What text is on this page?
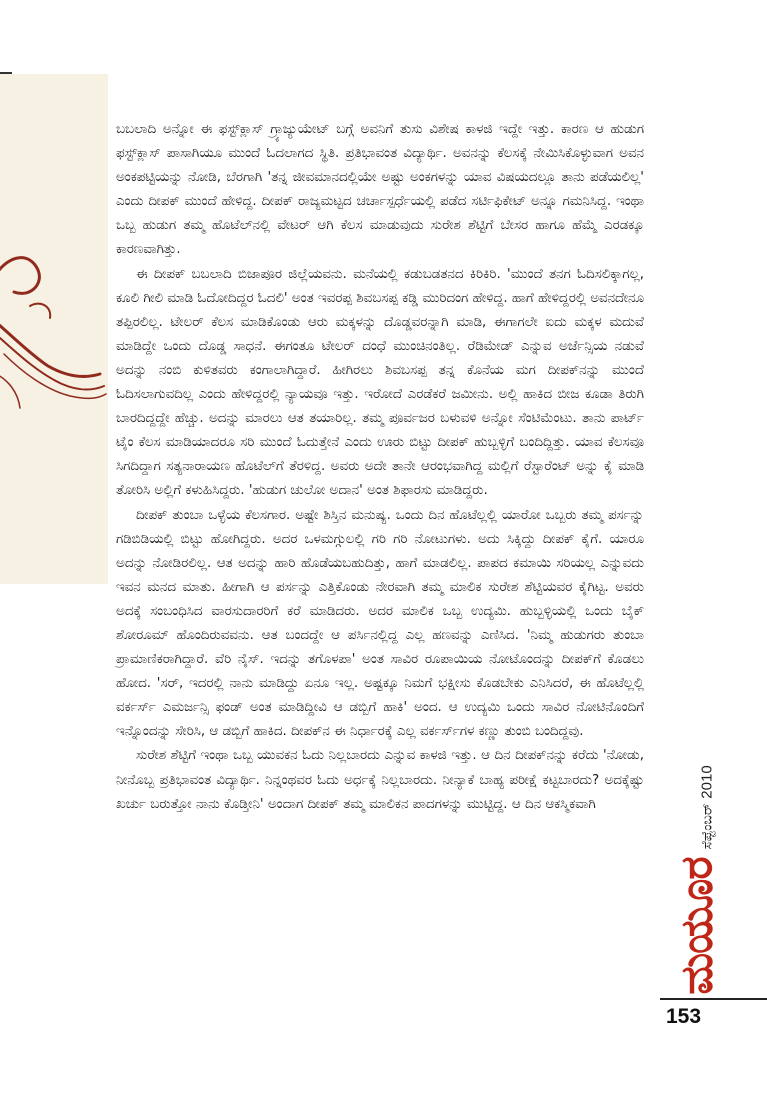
ಬಬಲಾದಿ ಅನ್ನೋ ಈ ಫಸ್ಟ್‌ಕ್ಲಾಸ್ ಗ್ರ್ಯಾಜ್ಯುಯೇಟ್ ಬಗ್ಗೆ ಅವನಿಗೆ ತುಸು ವಿಶೇಷ ಕಾಳಜಿ ಇದ್ದೇ ಇತ್ತು. ಕಾರಣ ಆ ಹುಡುಗ ಫಸ್ಟ್‌ಕ್ಲಾಸ್ ಪಾಸಾಗಿಯೂ ಮುಂದೆ ಓದಲಾಗದ ಸ್ಥಿತಿ. ಪ್ರತಿಭಾವಂತ ವಿದ್ಯಾರ್ಥಿ. ಅವನನ್ನು ಕೆಲಸಕ್ಕೆ ನೇಮಿಸಿಕೊಳ್ಳುವಾಗ ಅವನ ಅಂಕಪಟ್ಟಿಯನ್ನು ನೋಡಿ, ಬೆರಗಾಗಿ 'ತನ್ನ ಜೀವಮಾನದಲ್ಲಿಯೇ ಅಷ್ಟು ಅಂಕಗಳನ್ನು ಯಾವ ವಿಷಯದಲ್ಲೂ ತಾನು ಪಡೆಯಲಿಲ್ಲ' ಎಂದು ದೀಪಕ್ ಮುಂದೆ ಹೇಳಿದ್ದ. ದೀಪಕ್ ರಾಜ್ಯಮಟ್ಟದ ಚರ್ಚಾಸ್ಪರ್ಧೆಯಲ್ಲಿ ಪಡೆದ ಸರ್ಟಿಫಿಕೇಟ್ ಅನ್ನೂ ಗಮನಿಸಿದ್ದ. ಇಂಥಾ ಒಬ್ಬ ಹುಡುಗ ತಮ್ಮ ಹೊಟೆಲ್‌ನಲ್ಲಿ ವೇಟರ್ ಆಗಿ ಕೆಲಸ ಮಾಡುವುದು ಸುರೇಶ ಶೆಟ್ಟಿಗೆ ಬೇಸರ ಹಾಗೂ ಹೆಮ್ಮೆ ಎರಡಕ್ಕೂ ಕಾರಣವಾಗಿತ್ತು.

ಈ ದೀಪಕ್ ಬಬಲಾದಿ ಬಿಜಾಪೂರ ಜಿಲ್ಲೆಯವನು. ಮನೆಯಲ್ಲಿ ಕಡುಬಡತನದ ಕಿರಿಕಿರಿ. 'ಮುಂದೆ ತನಗ ಓದಿಸಲಿಕ್ಕಾಗಲ್ಲ, ಕೂಲಿ ಗೀಲಿ ಮಾಡಿ ಓದೋದಿದ್ದರ ಓದಲಿ' ಅಂತ ಇವರಪ್ಪ ಶಿವಬಸಪ್ಪ ಕಡ್ಡಿ ಮುರಿದಂಗ ಹೇಳಿದ್ದ. ಹಾಗೆ ಹೇಳಿದ್ದರಲ್ಲಿ ಅವನದೇನೂ ತಪ್ಪಿರಲಿಲ್ಲ. ಟೇಲರ್ ಕೆಲಸ ಮಾಡಿಕೊಂಡು ಆರು ಮಕ್ಕಳನ್ನು ದೊಡ್ಡವರನ್ನಾಗಿ ಮಾಡಿ, ಈಗಾಗಲೇ ಐದು ಮಕ್ಕಳ ಮದುವೆ ಮಾಡಿದ್ದೇ ಒಂದು ದೊಡ್ಡ ಸಾಧನೆ. ಈಗಂತೂ ಟೇಲರ್ ದಂಧೆ ಮುಂಚಿನಂತಿಲ್ಲ. ರೆಡಿಮೇಡ್ ಎನ್ನುವ ಅರ್ಜೆನ್ಸಿಯ ನಡುವೆ ಅದನ್ನು ನಂಬಿ ಕುಳಿತವರು ಕಂಗಾಲಾಗಿದ್ದಾರೆ. ಹೀಗಿರಲು ಶಿವಬಸಪ್ಪ ತನ್ನ ಕೊನೆಯ ಮಗ ದೀಪಕ್‌ನನ್ನು ಮುಂದೆ ಓದಿಸಲಾಗುವದಿಲ್ಲ ಎಂದು ಹೇಳಿದ್ದರಲ್ಲಿ ನ್ಯಾಯವೂ ಇತ್ತು. ಇರೋದೆ ಎರಡೆಕರೆ ಜಮೀನು. ಅಲ್ಲಿ ಹಾಕಿದ ಬೀಜ ಕೂಡಾ ತಿರುಗಿ ಬಾರದಿದ್ದದ್ದೇ ಹೆಚ್ಚು. ಅದನ್ನು ಮಾರಲು ಆತ ತಯಾರಿಲ್ಲ. ತಮ್ಮ ಪೂರ್ವಜರ ಬಳುವಳಿ ಅನ್ನೋ ಸೆಂಟಿಮೆಂಟು. ತಾನು ಪಾರ್ಟ್ ಟೈಂ ಕೆಲಸ ಮಾಡಿಯಾದರೂ ಸರಿ ಮುಂದೆ ಓದುತ್ತೇನೆ ಎಂದು ಊರು ಬಿಟ್ಟು ದೀಪಕ್ ಹುಬ್ಬಳ್ಳಿಗೆ ಬಂದಿದ್ದಿತ್ತು. ಯಾವ ಕೆಲಸವೂ ಸಿಗದಿದ್ದಾಗ ಸತ್ಯನಾರಾಯಣ ಹೊಟೆಲ್‌ಗೆ ತೆರಳಿದ್ದ. ಅವರು ಅದೇ ತಾನೇ ಆರಂಭವಾಗಿದ್ದ ಮಲ್ಲಿಗೆ ರೆಸ್ಟಾರೆಂಟ್ ಅನ್ನು ಕೈ ಮಾಡಿ ತೋರಿಸಿ ಅಲ್ಲಿಗೆ ಕಳುಹಿಸಿದ್ದರು. 'ಹುಡುಗ ಚುಲೋ ಅದಾನ' ಅಂತ ಶಿಫಾರಸು ಮಾಡಿದ್ದರು.

ದೀಪಕ್ ತುಂಬಾ ಒಳ್ಳೆಯ ಕೆಲಸಗಾರ. ಅಷ್ಟೇ ಶಿಸ್ತಿನ ಮನುಷ್ಯ. ಒಂದು ದಿನ ಹೊಟೆಲ್ಲಲ್ಲಿ ಯಾರೋ ಒಬ್ಬರು ತಮ್ಮ ಪರ್ಸನ್ನು ಗಡಿಬಿಡಿಯಲ್ಲಿ ಬಿಟ್ಟು ಹೋಗಿದ್ದರು. ಅದರ ಒಳಮಗ್ಗುಲಲ್ಲಿ ಗರಿ ಗರಿ ನೋಟುಗಳು. ಅದು ಸಿಕ್ಕಿದ್ದು ದೀಪಕ್ ಕೈಗೆ. ಯಾರೂ ಅದನ್ನು ನೋಡಿರಲಿಲ್ಲ. ಆತ ಅದನ್ನು ಹಾರಿ ಹೊಡೆಯಬಹುದಿತ್ತು, ಹಾಗೆ ಮಾಡಲಿಲ್ಲ. ಪಾಪದ ಕಮಾಯಿ ಸರಿಯಲ್ಲ ಎನ್ನುವದು ಇವನ ಮನದ ಮಾತು. ಹೀಗಾಗಿ ಆ ಪರ್ಸನ್ನು ಎತ್ತಿಕೊಂಡು ನೇರವಾಗಿ ತಮ್ಮ ಮಾಲಿಕ ಸುರೇಶ ಶೆಟ್ಟಿಯವರ ಕೈಗಿಟ್ಟ. ಅವರು ಅದಕ್ಕೆ ಸಂಬಂಧಿಸಿದ ವಾರಸುದಾರರಿಗೆ ಕರೆ ಮಾಡಿದರು. ಅದರ ಮಾಲಿಕ ಒಬ್ಬ ಉದ್ಯಮಿ. ಹುಬ್ಬಳ್ಳಿಯಲ್ಲಿ ಒಂದು ಬೈಕ್ ಶೋರೂಮ್ ಹೊಂದಿರುವವನು. ಆತ ಬಂದದ್ದೇ ಆ ಪರ್ಸಿನಲ್ಲಿದ್ದ ಎಲ್ಲ ಹಣವನ್ನು ಎಣಿಸಿದ. 'ನಿಮ್ಮ ಹುಡುಗರು ತುಂಬಾ ಪ್ರಾಮಾಣಿಕರಾಗಿದ್ದಾರೆ. ವೆರಿ ನೈಸ್. ಇದನ್ನು ತಗೊಳಪಾ' ಅಂತ ಸಾವಿರ ರೂಪಾಯಿಯ ನೋಟೊಂದನ್ನು ದೀಪಕ್‌ಗೆ ಕೊಡಲು ಹೋದ. 'ಸರ್, ಇದರಲ್ಲಿ ನಾನು ಮಾಡಿದ್ದು ಏನೂ ಇಲ್ಲ. ಅಷ್ಟಕ್ಕೂ ನಿಮಗೆ ಭಕ್ಷೀಸು ಕೊಡಬೇಕು ಎನಿಸಿದರೆ, ಈ ಹೊಟೆಲ್ಲಲ್ಲಿ ವರ್ಕರ್ಸ್ ಎಮರ್ಜನ್ಸಿ ಫಂಡ್ ಅಂತ ಮಾಡಿದ್ದೀವಿ ಆ ಡಬ್ಬಿಗೆ ಹಾಕಿ' ಅಂದ. ಆ ಉದ್ಯಮಿ ಒಂದು ಸಾವಿರ ನೋಟಿನೊಂದಿಗೆ ಇನ್ನೊಂದನ್ನು ಸೇರಿಸಿ, ಆ ಡಬ್ಬಿಗೆ ಹಾಕಿದ. ದೀಪಕ್‌ನ ಈ ನಿರ್ಧಾರಕ್ಕೆ ಎಲ್ಲ ವರ್ಕರ್ಸ್‌ಗಳ ಕಣ್ಣು ತುಂಬಿ ಬಂದಿದ್ದವು.

ಸುರೇಶ ಶೆಟ್ಟಿಗೆ ಇಂಥಾ ಒಬ್ಬ ಯುವಕನ ಓದು ನಿಲ್ಲಬಾರದು ಎನ್ನುವ ಕಾಳಜಿ ಇತ್ತು. ಆ ದಿನ ದೀಪಕ್‌ನನ್ನು ಕರೆದು 'ನೋಡು, ನೀನೊಬ್ಬ ಪ್ರತಿಭಾವಂತ ವಿದ್ಯಾರ್ಥಿ. ನಿನ್ನಂಥವರ ಓದು ಅರ್ಧಕ್ಕೆ ನಿಲ್ಲಬಾರದು. ನೀನ್ಯಾಕೆ ಬಾಹ್ಯ ಪರೀಕ್ಷೆ ಕಟ್ಟಬಾರದು? ಅದಕ್ಕೆಷ್ಟು ಖರ್ಚು ಬರುತ್ತೋ ನಾನು ಕೊಡ್ತೀನಿ' ಅಂದಾಗ ದೀಪಕ್ ತಮ್ಮ ಮಾಲಿಕನ ಪಾದಗಳನ್ನು ಮುಟ್ಟಿದ್ದ. ಆ ದಿನ ಆಕಸ್ಮಿಕವಾಗಿ

ಮಯೂರ
ಸೆಪ್ಟೆಂಬರ್ 2010
153
